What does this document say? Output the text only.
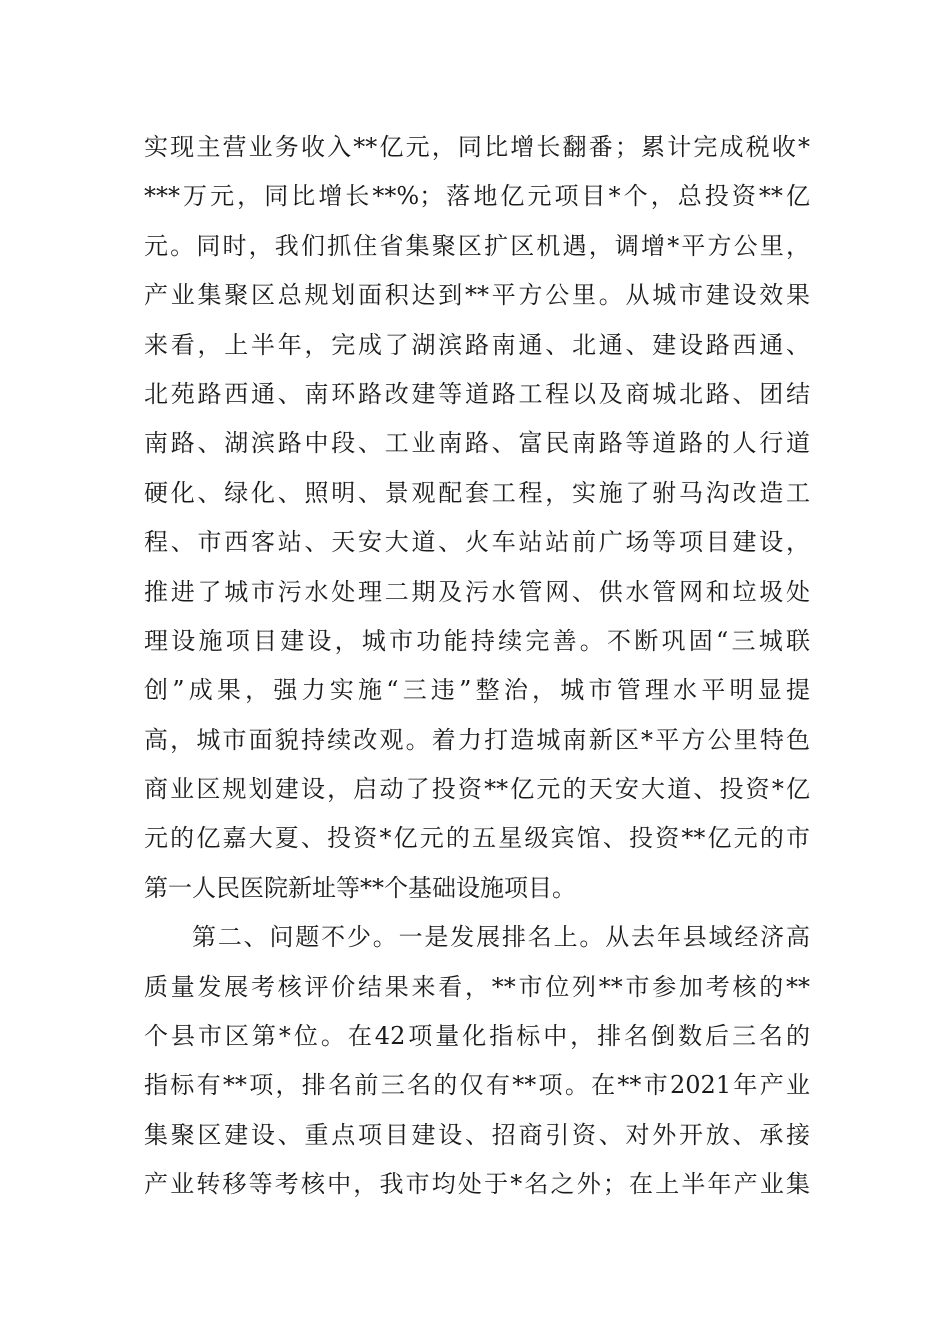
实现主营业务收入**亿元，同比增长翻番；累计完成税收*
***万元，同比增长**%；落地亿元项目*个，总投资**亿
元。同时，我们抓住省集聚区扩区机遇，调增*平方公里，
产业集聚区总规划面积达到**平方公里。从城市建设效果
来看，上半年，完成了湖滨路南通、北通、建设路西通、
北苑路西通、南环路改建等道路工程以及商城北路、团结
南路、湖滨路中段、工业南路、富民南路等道路的人行道
硬化、绿化、照明、景观配套工程，实施了驸马沟改造工
程、市西客站、天安大道、火车站站前广场等项目建设，
推进了城市污水处理二期及污水管网、供水管网和垃圾处
理设施项目建设，城市功能持续完善。不断巩固“三城联
创”成果，强力实施“三违”整治，城市管理水平明显提
高，城市面貌持续改观。着力打造城南新区*平方公里特色
商业区规划建设，启动了投资**亿元的天安大道、投资*亿
元的亿嘉大夏、投资*亿元的五星级宾馆、投资**亿元的市
第一人民医院新址等**个基础设施项目。
第二、问题不少。一是发展排名上。从去年县域经济高
质量发展考核评价结果来看，**市位列**市参加考核的**
个县市区第*位。在42项量化指标中，排名倒数后三名的
指标有**项，排名前三名的仅有**项。在**市2021年产业
集聚区建设、重点项目建设、招商引资、对外开放、承接
产业转移等考核中，我市均处于*名之外；在上半年产业集
